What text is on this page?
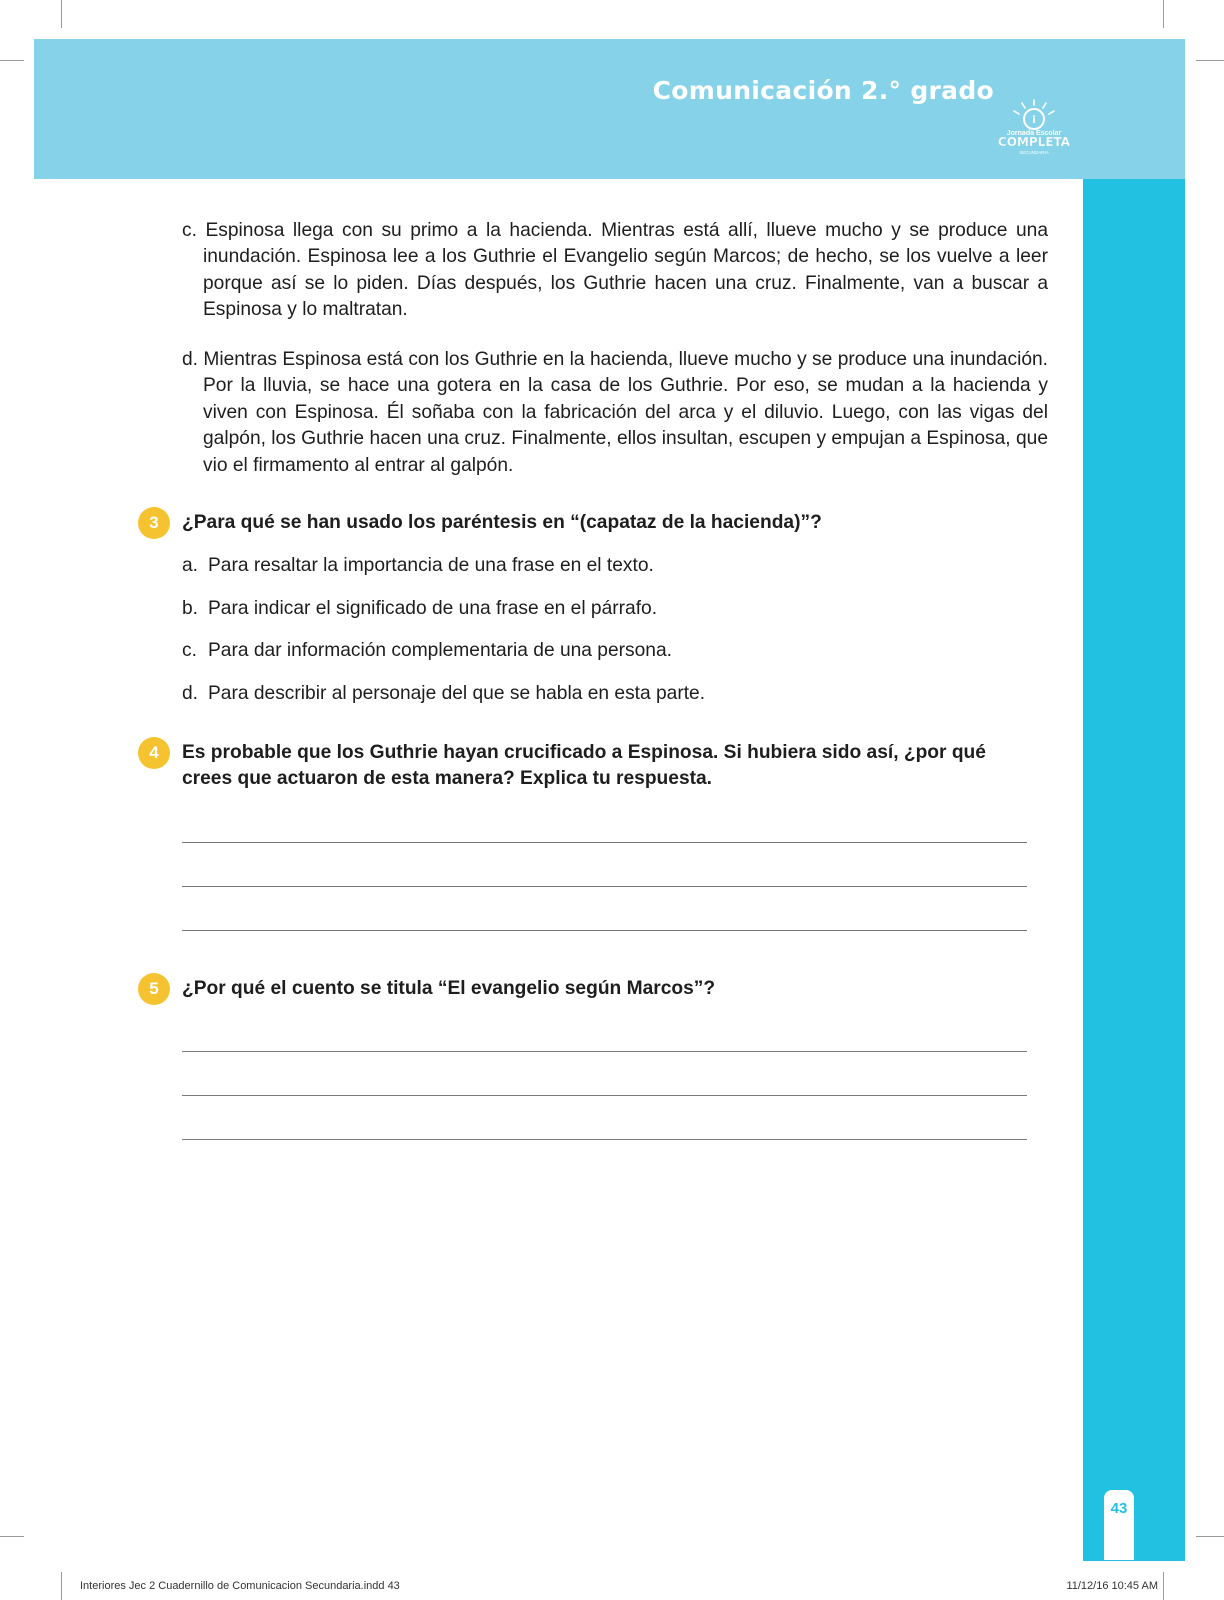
Comunicación 2.° grado
i
Jornada Escolar
COMPLETA
SECUNDARIA
43
c. Espinosa llega con su primo a la hacienda. Mientras está allí, llueve mucho y se produce una inundación. Espinosa lee a los Guthrie el Evangelio según Marcos; de hecho, se los vuelve a leer porque así se lo piden. Días después, los Guthrie hacen una cruz. Finalmente, van a buscar a Espinosa y lo maltratan.
d. Mientras Espinosa está con los Guthrie en la hacienda, llueve mucho y se produce una inundación. Por la lluvia, se hace una gotera en la casa de los Guthrie. Por eso, se mudan a la hacienda y viven con Espinosa. Él soñaba con la fabricación del arca y el diluvio. Luego, con las vigas del galpón, los Guthrie hacen una cruz. Finalmente, ellos insultan, escupen y empujan a Espinosa, que vio el firmamento al entrar al galpón.
3	¿Para qué se han usado los paréntesis en “(capataz de la hacienda)”?
a. Para resaltar la importancia de una frase en el texto.
b. Para indicar el significado de una frase en el párrafo.
c. Para dar información complementaria de una persona.
d. Para describir al personaje del que se habla en esta parte.
4	Es probable que los Guthrie hayan crucificado a Espinosa. Si hubiera sido así, ¿por qué crees que actuaron de esta manera? Explica tu respuesta.
5	¿Por qué el cuento se titula “El evangelio según Marcos”?
Interiores Jec 2 Cuadernillo de Comunicacion Secundaria.indd 43	11/12/16 10:45 AM
